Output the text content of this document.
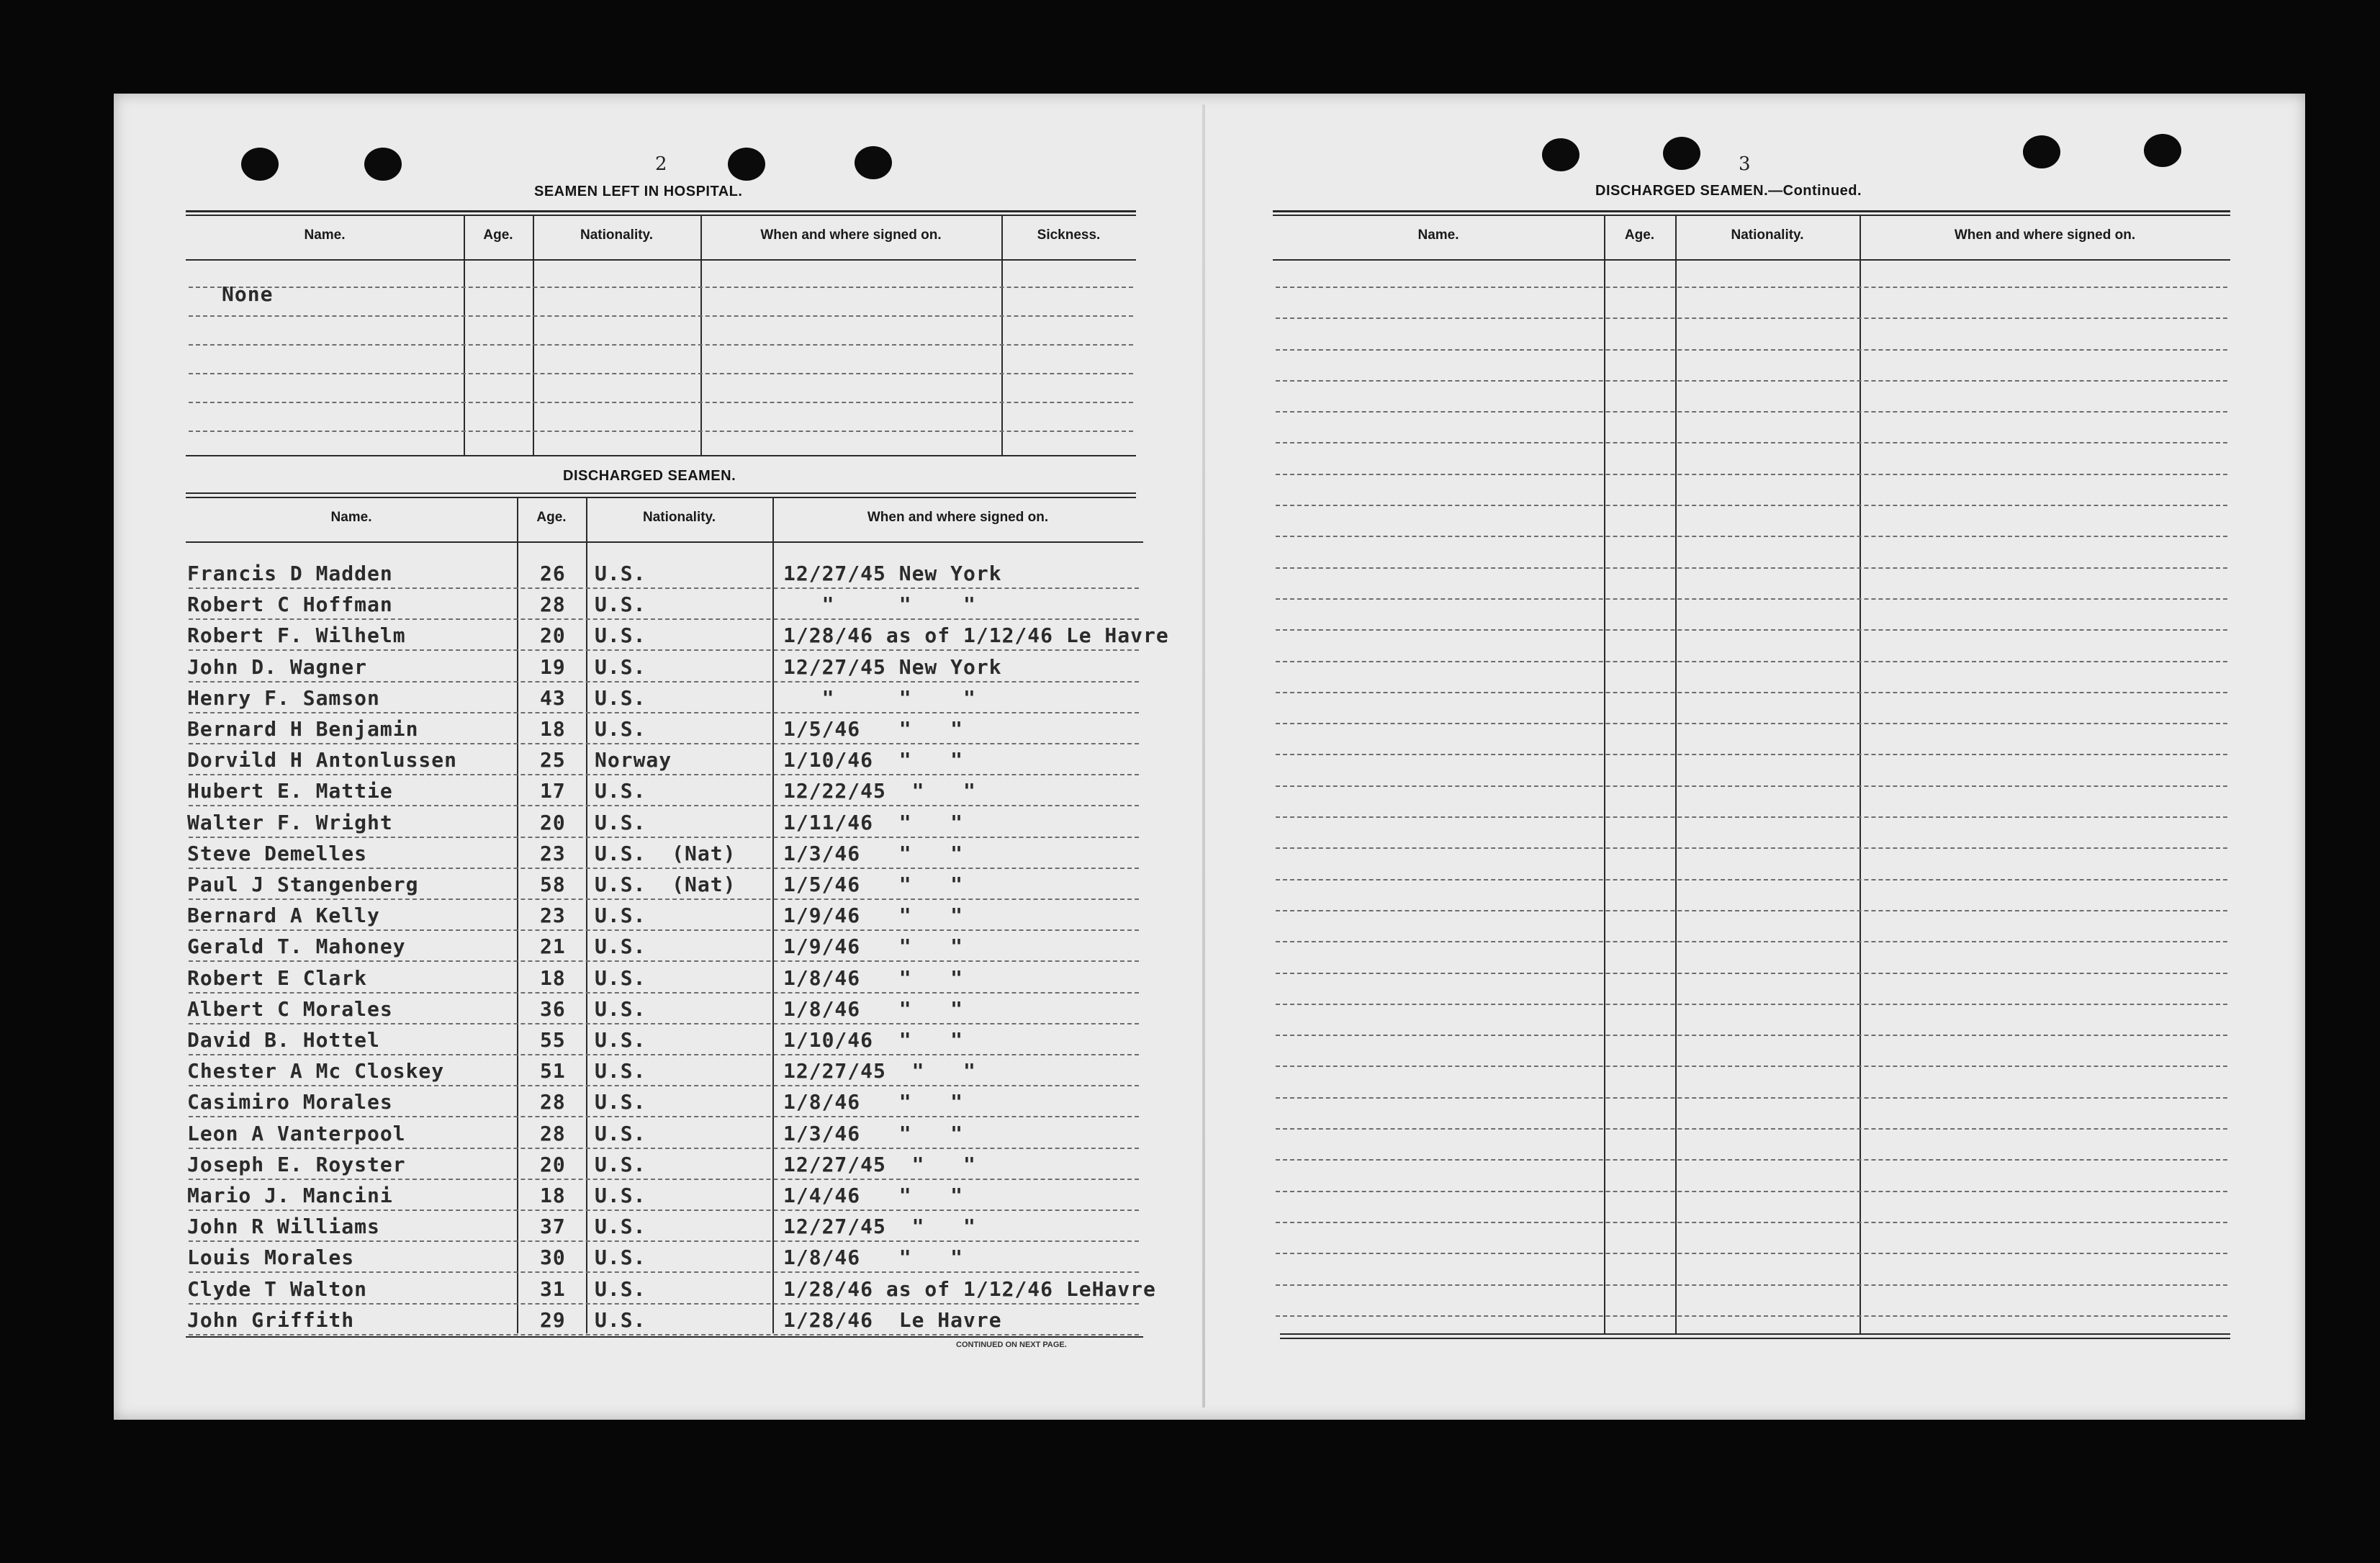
2
SEAMEN LEFT IN HOSPITAL.
Name.	Age.	Nationality.	When and where signed on.	Sickness.
None
DISCHARGED SEAMEN.
Name.	Age.	Nationality.	When and where signed on.
Francis D Madden	26 U.S.	12/27/45 New York
Robert C Hoffman	28 U.S.	"     "    "
Robert F. Wilhelm	20 U.S.	1/28/46 as of 1/12/46 Le Havre
John D. Wagner	19 U.S.	12/27/45 New York
Henry F. Samson	43 U.S.	"     "    "
Bernard H Benjamin	18 U.S.	1/5/46   "   "
Dorvild H Antonlussen	25 Norway	1/10/46  "   "
Hubert E. Mattie	17 U.S.	12/22/45  "   "
Walter F. Wright	20 U.S.	1/11/46  "   "
Steve Demelles	23 U.S.  (Nat) 1/3/46   "   "
Paul J Stangenberg	58 U.S.  (Nat) 1/5/46   "   "
Bernard A Kelly	23 U.S.	1/9/46   "   "
Gerald T. Mahoney	21 U.S.	1/9/46   "   "
Robert E Clark	18 U.S.	1/8/46   "   "
Albert C Morales	36 U.S.	1/8/46   "   "
David B. Hottel	55 U.S.	1/10/46  "   "
Chester A Mc Closkey	51 U.S.	12/27/45  "   "
Casimiro Morales	28 U.S.	1/8/46   "   "
Leon A Vanterpool	28 U.S.	1/3/46   "   "
Joseph E. Royster	20 U.S.	12/27/45  "   "
Mario J. Mancini	18 U.S.	1/4/46   "   "
John R Williams	37 U.S.	12/27/45  "   "
Louis Morales	30 U.S.	1/8/46   "   "
Clyde T Walton	31 U.S.	1/28/46 as of 1/12/46 LeHavre
John Griffith	29 U.S.	1/28/46  Le Havre
CONTINUED ON NEXT PAGE.
3
DISCHARGED SEAMEN.—Continued.
Name.	Age.	Nationality.	When and where signed on.
